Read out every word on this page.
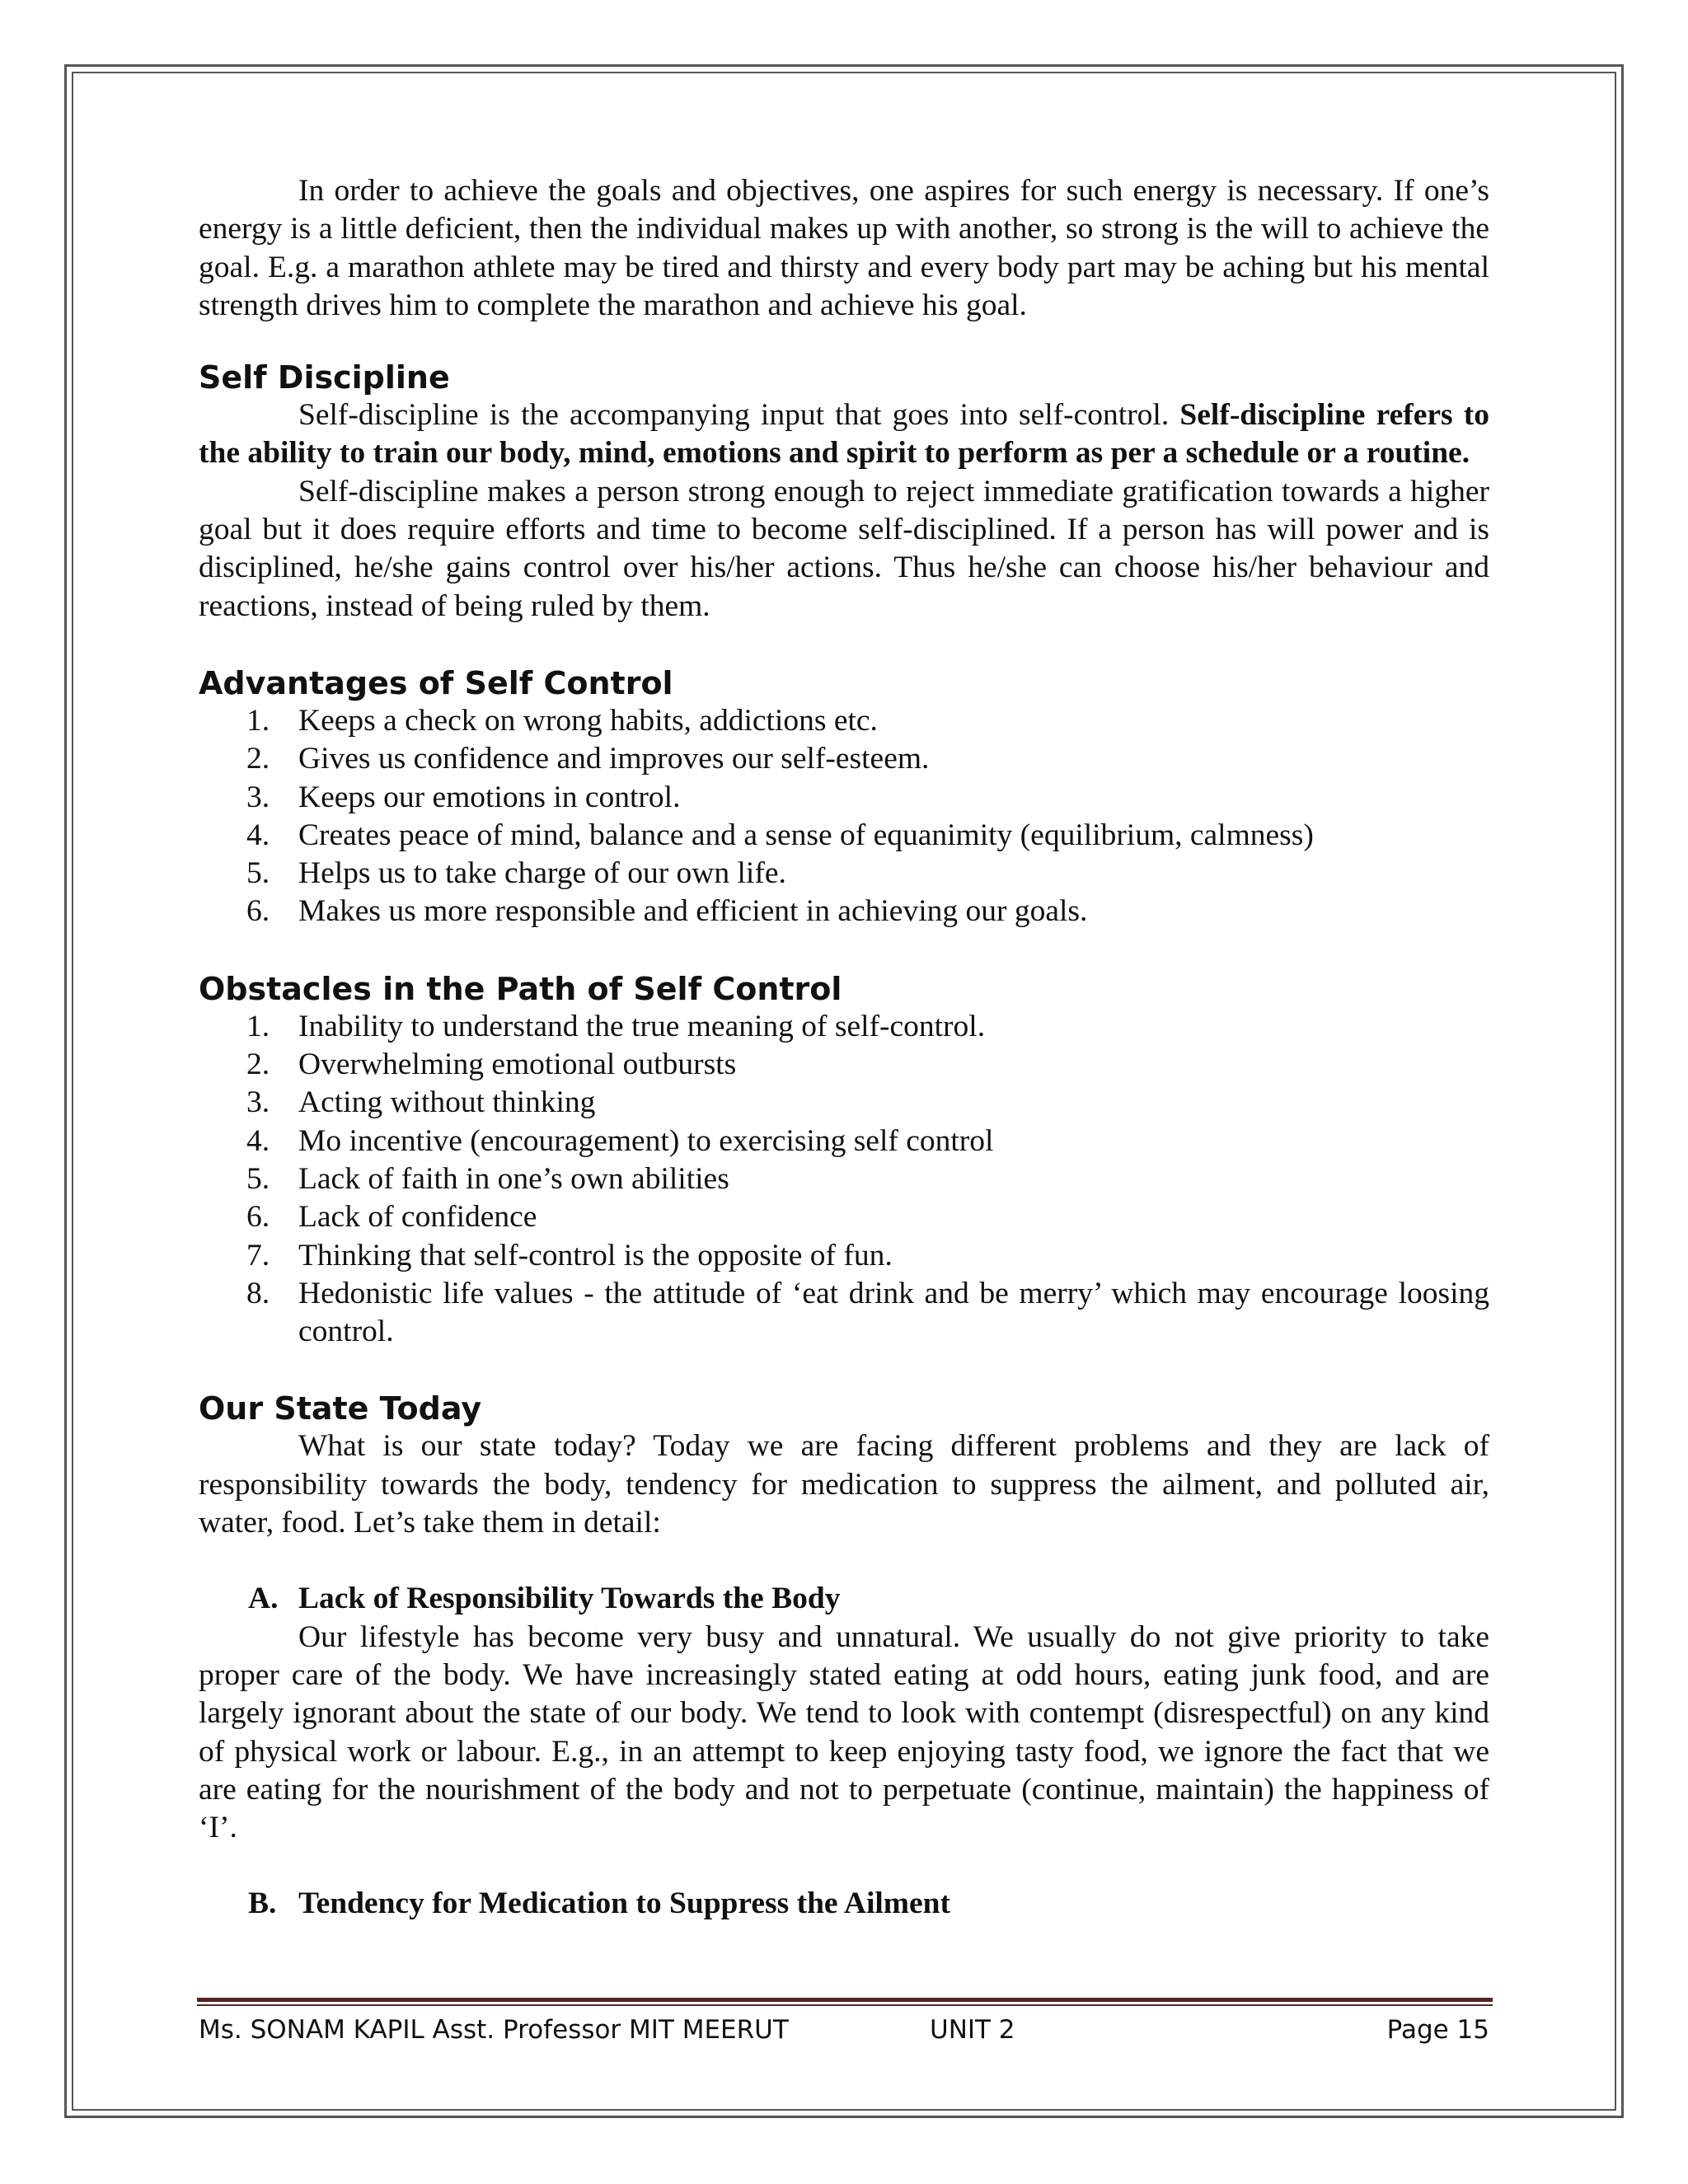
In order to achieve the goals and objectives, one aspires for such energy is necessary. If one’s energy is a little deficient, then the individual makes up with another, so strong is the will to achieve the goal. E.g. a marathon athlete may be tired and thirsty and every body part may be aching but his mental strength drives him to complete the marathon and achieve his goal.

Self Discipline

Self-discipline is the accompanying input that goes into self-control. Self-discipline refers to the ability to train our body, mind, emotions and spirit to perform as per a schedule or a routine.

Self-discipline makes a person strong enough to reject immediate gratification towards a higher goal but it does require efforts and time to become self-disciplined. If a person has will power and is disciplined, he/she gains control over his/her actions. Thus he/she can choose his/her behaviour and reactions, instead of being ruled by them.

Advantages of Self Control
1. Keeps a check on wrong habits, addictions etc.
2. Gives us confidence and improves our self-esteem.
3. Keeps our emotions in control.
4. Creates peace of mind, balance and a sense of equanimity (equilibrium, calmness)
5. Helps us to take charge of our own life.
6. Makes us more responsible and efficient in achieving our goals.
Obstacles in the Path of Self Control
1. Inability to understand the true meaning of self-control.
2. Overwhelming emotional outbursts
3. Acting without thinking
4. Mo incentive (encouragement) to exercising self control
5. Lack of faith in one’s own abilities
6. Lack of confidence
7. Thinking that self-control is the opposite of fun.
8. Hedonistic life values - the attitude of ‘eat drink and be merry’ which may encourage loosing control.
Our State Today

What is our state today? Today we are facing different problems and they are lack of responsibility towards the body, tendency for medication to suppress the ailment, and polluted air, water, food. Let’s take them in detail:

A. Lack of Responsibility Towards the Body

Our lifestyle has become very busy and unnatural. We usually do not give priority to take proper care of the body. We have increasingly stated eating at odd hours, eating junk food, and are largely ignorant about the state of our body. We tend to look with contempt (disrespectful) on any kind of physical work or labour. E.g., in an attempt to keep enjoying tasty food, we ignore the fact that we are eating for the nourishment of the body and not to perpetuate (continue, maintain) the happiness of ‘I’.

B. Tendency for Medication to Suppress the Ailment
Ms. SONAM KAPIL Asst. Professor MIT MEERUT	UNIT 2	Page 15
